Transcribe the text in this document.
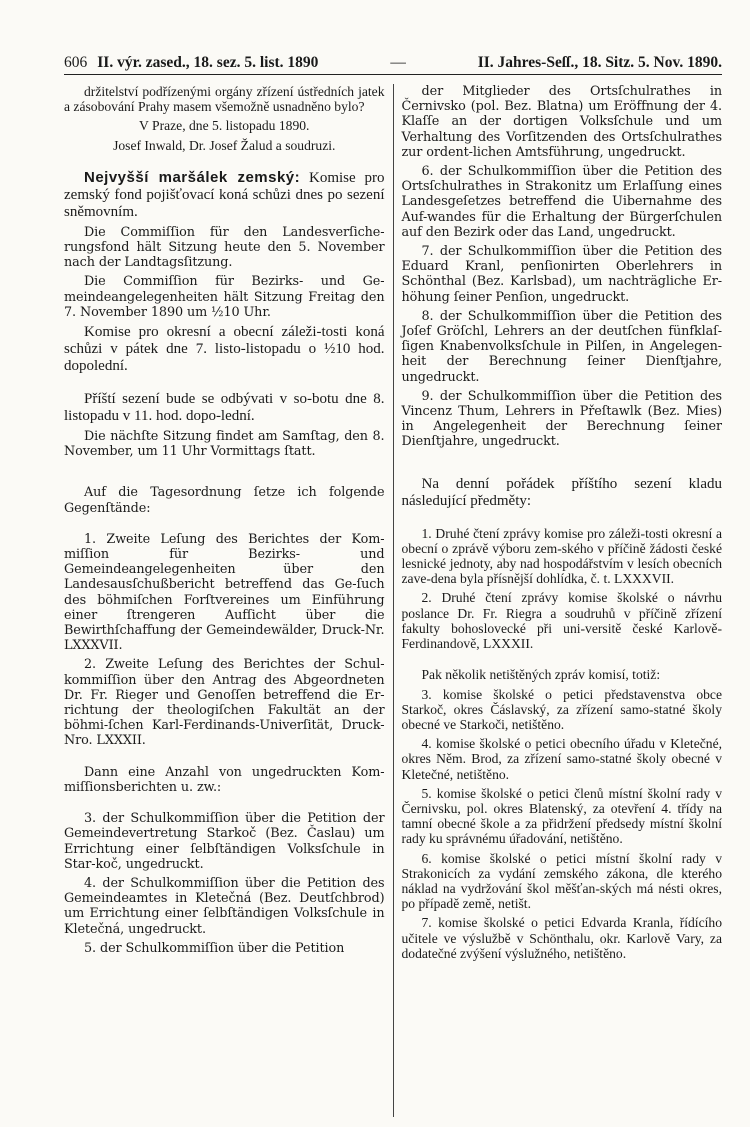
606 II. výr. zased., 18. sez. 5. list. 1890	—	II. Jahres-Seſſ., 18. Sitz. 5. Nov. 1890.

držitelství podřízenými orgány zřízení ústředních jatek a zásobování Prahy masem všemožně usnadněno bylo?

V Praze, dne 5. listopadu 1890.

Josef Inwald, Dr. Josef Žalud a soudruzi.

Nejvyšší maršálek zemský: Komise pro zemský fond pojišťovací koná schůzi dnes po sezení sněmovním.

Die Commiſſion für den Landesverſiche-rungsfond hält Sitzung heute den 5. November nach der Landtagsſitzung.

Die Commiſſion für Bezirks- und Ge-meindeangelegenheiten hält Sitzung Freitag den 7. November 1890 um ½10 Uhr.

Komise pro okresní a obecní záleži-tosti koná schůzi v pátek dne 7. listo-listopadu o ½10 hod. dopolední.

Příští sezení bude se odbývati v so-botu dne 8. listopadu v 11. hod. dopo-lední.

Die nächſte Sitzung findet am Samſtag, den 8. November, um 11 Uhr Vormittags ſtatt.

Auf die Tagesordnung ſetze ich folgende Gegenſtände:

1. Zweite Leſung des Berichtes der Kom-miſſion für Bezirks- und Gemeindeangelegenheiten über den Landesausſchußbericht betreffend das Ge-ſuch des böhmiſchen Forſtvereines um Einführung einer ſtrengeren Aufſicht über die Bewirthſchaffung der Gemeindewälder, Druck-Nr. LXXXVII.

2. Zweite Leſung des Berichtes der Schul-kommiſſion über den Antrag des Abgeordneten Dr. Fr. Rieger und Genoſſen betreffend die Er-richtung der theologiſchen Fakultät an der böhmi-ſchen Karl-Ferdinands-Univerſität, Druck-Nro. LXXXII.

Dann eine Anzahl von ungedruckten Kom-miſſionsberichten u. zw.:

3. der Schulkommiſſion über die Petition der Gemeindevertretung Starkoč (Bez. Časlau) um Errichtung einer ſelbſtändigen Volksſchule in Star-koč, ungedruckt.

4. der Schulkommiſſion über die Petition des Gemeindeamtes in Kletečná (Bez. Deutſchbrod) um Errichtung einer ſelbſtändigen Volksſchule in Kletečná, ungedruckt.

5. der Schulkommiſſion über die Petition

der Mitglieder des Ortsſchulrathes in Černivsko (pol. Bez. Blatna) um Eröffnung der 4. Klaſſe an der dortigen Volksſchule und um Verhaltung des Vorſitzenden des Ortsſchulrathes zur ordent-lichen Amtsführung, ungedruckt.

6. der Schulkommiſſion über die Petition des Ortsſchulrathes in Strakonitz um Erlaſſung eines Landesgeſetzes betreffend die Uibernahme des Auf-wandes für die Erhaltung der Bürgerſchulen auf den Bezirk oder das Land, ungedruckt.

7. der Schulkommiſſion über die Petition des Eduard Kranl, penſionirten Oberlehrers in Schönthal (Bez. Karlsbad), um nachträgliche Er-höhung ſeiner Penſion, ungedruckt.

8. der Schulkommiſſion über die Petition des Joſef Gröſchl, Lehrers an der deutſchen fünfklaſ-ſigen Knabenvolksſchule in Pilſen, in Angelegen-heit der Berechnung ſeiner Dienſtjahre, ungedruckt.

9. der Schulkommiſſion über die Petition des Vincenz Thum, Lehrers in Přeſtawlk (Bez. Mies) in Angelegenheit der Berechnung ſeiner Dienſtjahre, ungedruckt.

Na denní pořádek příštího sezení kladu následující předměty:

1. Druhé čtení zprávy komise pro záleži-tosti okresní a obecní o zprávě výboru zem-ského v příčině žádosti české lesnické jednoty, aby nad hospodářstvím v lesích obecních zave-dena byla přísnější dohlídka, č. t. LXXXVII.

2. Druhé čtení zprávy komise školské o návrhu poslance Dr. Fr. Riegra a soudruhů v příčině zřízení fakulty bohoslovecké při uni-versitě české Karlově-Ferdinandově, LXXXII.

Pak několik netištěných zpráv komisí, totiž:

3. komise školské o petici představenstva obce Starkoč, okres Čáslavský, za zřízení samo-statné školy obecné ve Starkoči, netištěno.

4. komise školské o petici obecního úřadu v Kletečné, okres Něm. Brod, za zřízení samo-statné školy obecné v Kletečné, netištěno.

5. komise školské o petici členů místní školní rady v Černivsku, pol. okres Blatenský, za otevření 4. třídy na tamní obecné škole a za přidržení předsedy místní školní rady ku správnému úřadování, netištěno.

6. komise školské o petici místní školní rady v Strakonicích za vydání zemského zákona, dle kterého náklad na vydržování škol měšťan-ských má nésti okres, po případě země, netišt.

7. komise školské o petici Edvarda Kranla, řídícího učitele ve výslužbě v Schönthalu, okr. Karlově Vary, za dodatečné zvýšení výslužného, netištěno.
